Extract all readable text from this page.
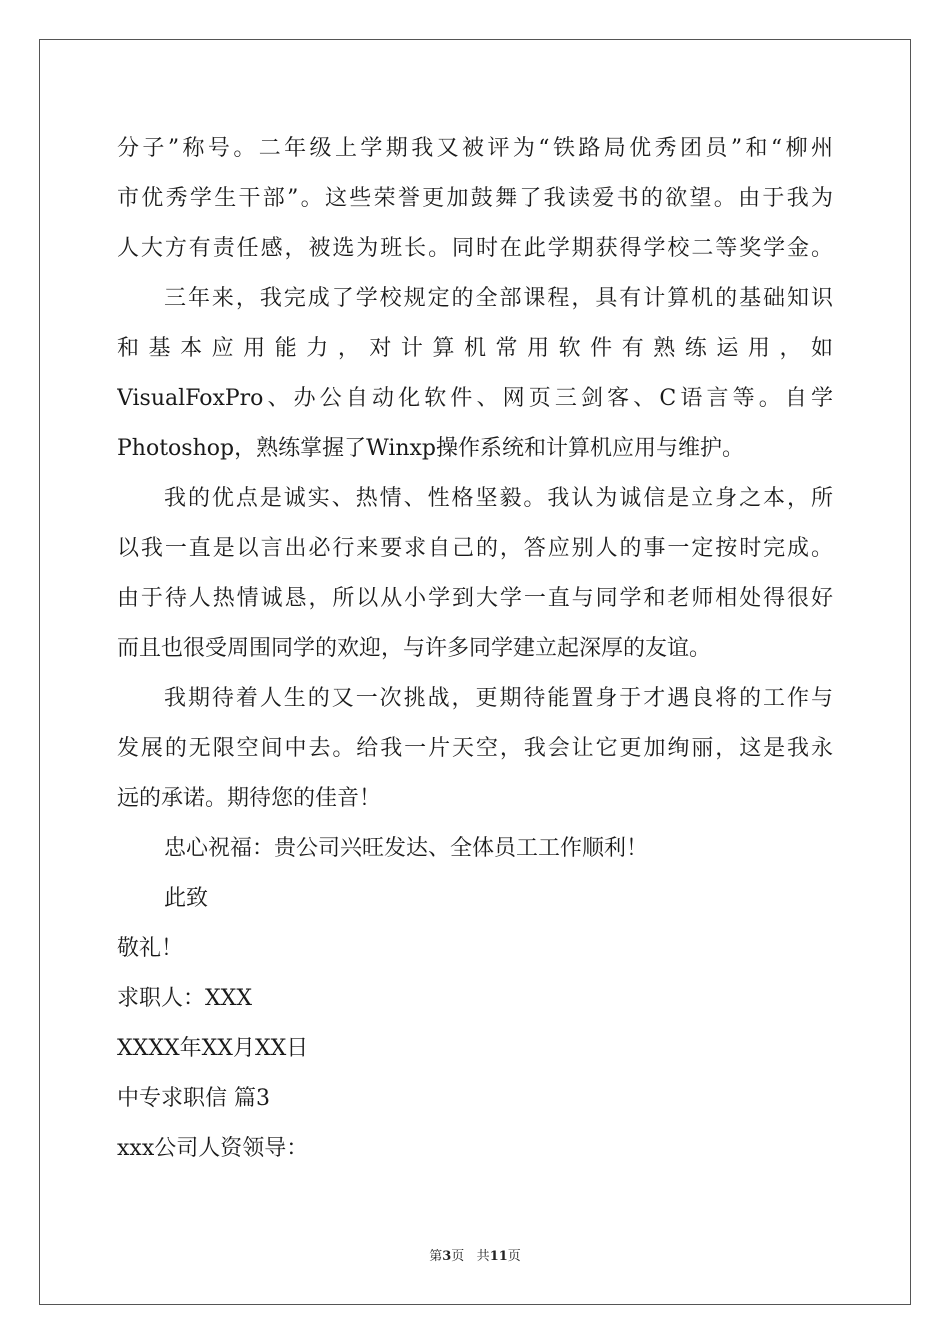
分子”称号。二年级上学期我又被评为“铁路局优秀团员”和“柳州
市优秀学生干部”。这些荣誉更加鼓舞了我读爱书的欲望。由于我为
人大方有责任感，被选为班长。同时在此学期获得学校二等奖学金。
三年来，我完成了学校规定的全部课程，具有计算机的基础知识
和基本应用能力，对计算机常用软件有熟练运用，如
VisualFoxPro、办公自动化软件、网页三剑客、C语言等。自学
Photoshop，熟练掌握了Winxp操作系统和计算机应用与维护。
我的优点是诚实、热情、性格坚毅。我认为诚信是立身之本，所
以我一直是以言出必行来要求自己的，答应别人的事一定按时完成。
由于待人热情诚恳，所以从小学到大学一直与同学和老师相处得很好
而且也很受周围同学的欢迎，与许多同学建立起深厚的友谊。
我期待着人生的又一次挑战，更期待能置身于才遇良将的工作与
发展的无限空间中去。给我一片天空，我会让它更加绚丽，这是我永
远的承诺。期待您的佳音！
忠心祝福：贵公司兴旺发达、全体员工工作顺利！
此致
敬礼！
求职人：XXX
XXXX年XX月XX日
中专求职信 篇3
xxx公司人资领导：
第3页 共11页
